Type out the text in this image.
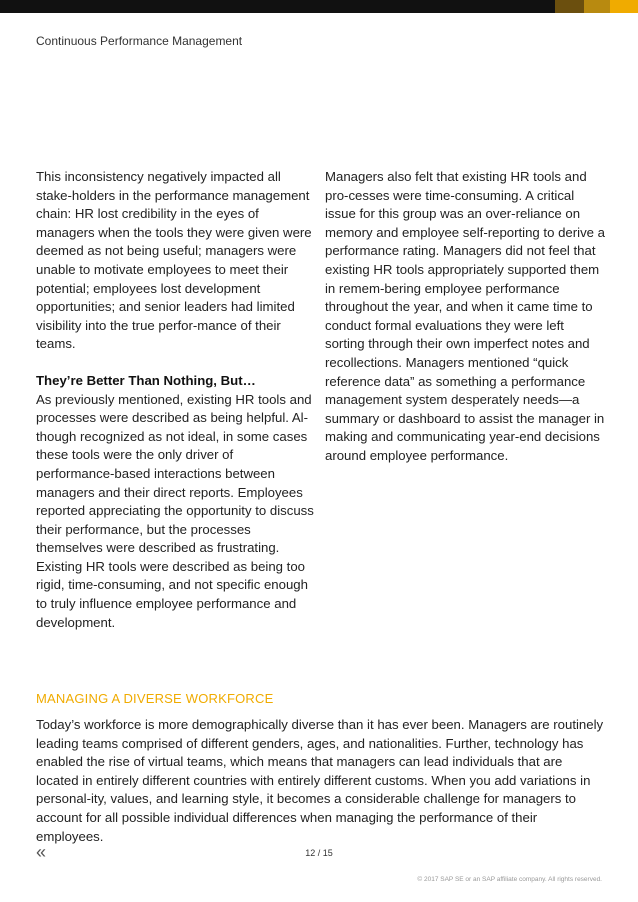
Continuous Performance Management

This inconsistency negatively impacted all stake-holders in the performance management chain: HR lost credibility in the eyes of managers when the tools they were given were deemed as not being useful; managers were unable to motivate employees to meet their potential; employees lost development opportunities; and senior leaders had limited visibility into the true perfor-mance of their teams.

They’re Better Than Nothing, But…

As previously mentioned, existing HR tools and processes were described as being helpful. Al-though recognized as not ideal, in some cases these tools were the only driver of performance-based interactions between managers and their direct reports. Employees reported appreciating the opportunity to discuss their performance, but the processes themselves were described as frustrating. Existing HR tools were described as being too rigid, time-consuming, and not specific enough to truly influence employee performance and development.

Managers also felt that existing HR tools and pro-cesses were time-consuming. A critical issue for this group was an over-reliance on memory and employee self-reporting to derive a performance rating. Managers did not feel that existing HR tools appropriately supported them in remem-bering employee performance throughout the year, and when it came time to conduct formal evaluations they were left sorting through their own imperfect notes and recollections. Managers mentioned “quick reference data” as something a performance management system desperately needs—a summary or dashboard to assist the manager in making and communicating year-end decisions around employee performance.

MANAGING A DIVERSE WORKFORCE

Today’s workforce is more demographically diverse than it has ever been. Managers are routinely leading teams comprised of different genders, ages, and nationalities. Further, technology has enabled the rise of virtual teams, which means that managers can lead individuals that are located in entirely different countries with entirely different customs. When you add variations in personal-ity, values, and learning style, it becomes a considerable challenge for managers to account for all possible individual differences when managing the performance of their employees.

«	12 / 15
© 2017 SAP SE or an SAP affiliate company. All rights reserved.
